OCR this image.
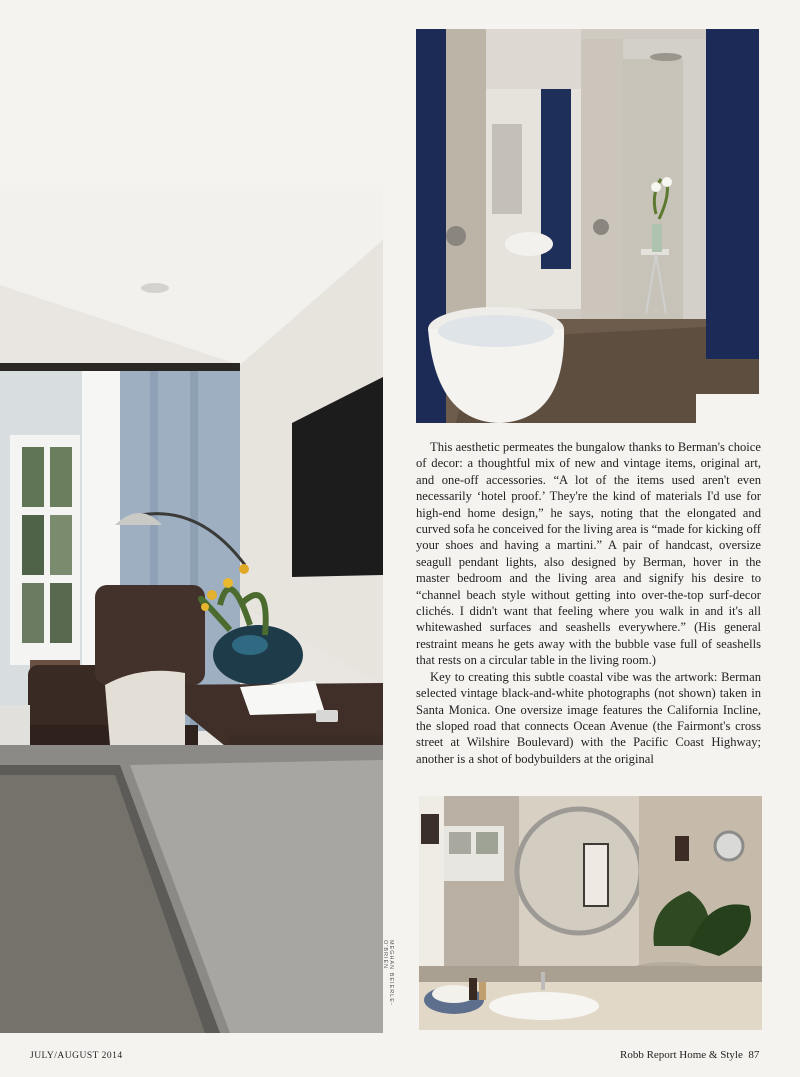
MEGHAN BEIERLE-O'BRIEN

This aesthetic permeates the bungalow thanks to Berman's choice of decor: a thoughtful mix of new and vintage items, original art, and one-off accessories. “A lot of the items used aren't even necessarily ‘hotel proof.’ They're the kind of materials I'd use for high-end home design,” he says, noting that the elongated and curved sofa he conceived for the living area is “made for kicking off your shoes and having a martini.” A pair of handcast, oversize seagull pendant lights, also designed by Berman, hover in the master bedroom and the living area and signify his desire to “channel beach style without getting into over-the-top surf-decor clichés. I didn't want that feeling where you walk in and it's all whitewashed surfaces and seashells everywhere.” (His general restraint means he gets away with the bubble vase full of seashells that rests on a circular table in the living room.)

Key to creating this subtle coastal vibe was the artwork: Berman selected vintage black-and-white photographs (not shown) taken in Santa Monica. One oversize image features the California Incline, the sloped road that connects Ocean Avenue (the Fairmont's cross street at Wilshire Boulevard) with the Pacific Coast Highway; another is a shot of bodybuilders at the original

JULY/AUGUST 2014	Robb Report Home & Style 87
